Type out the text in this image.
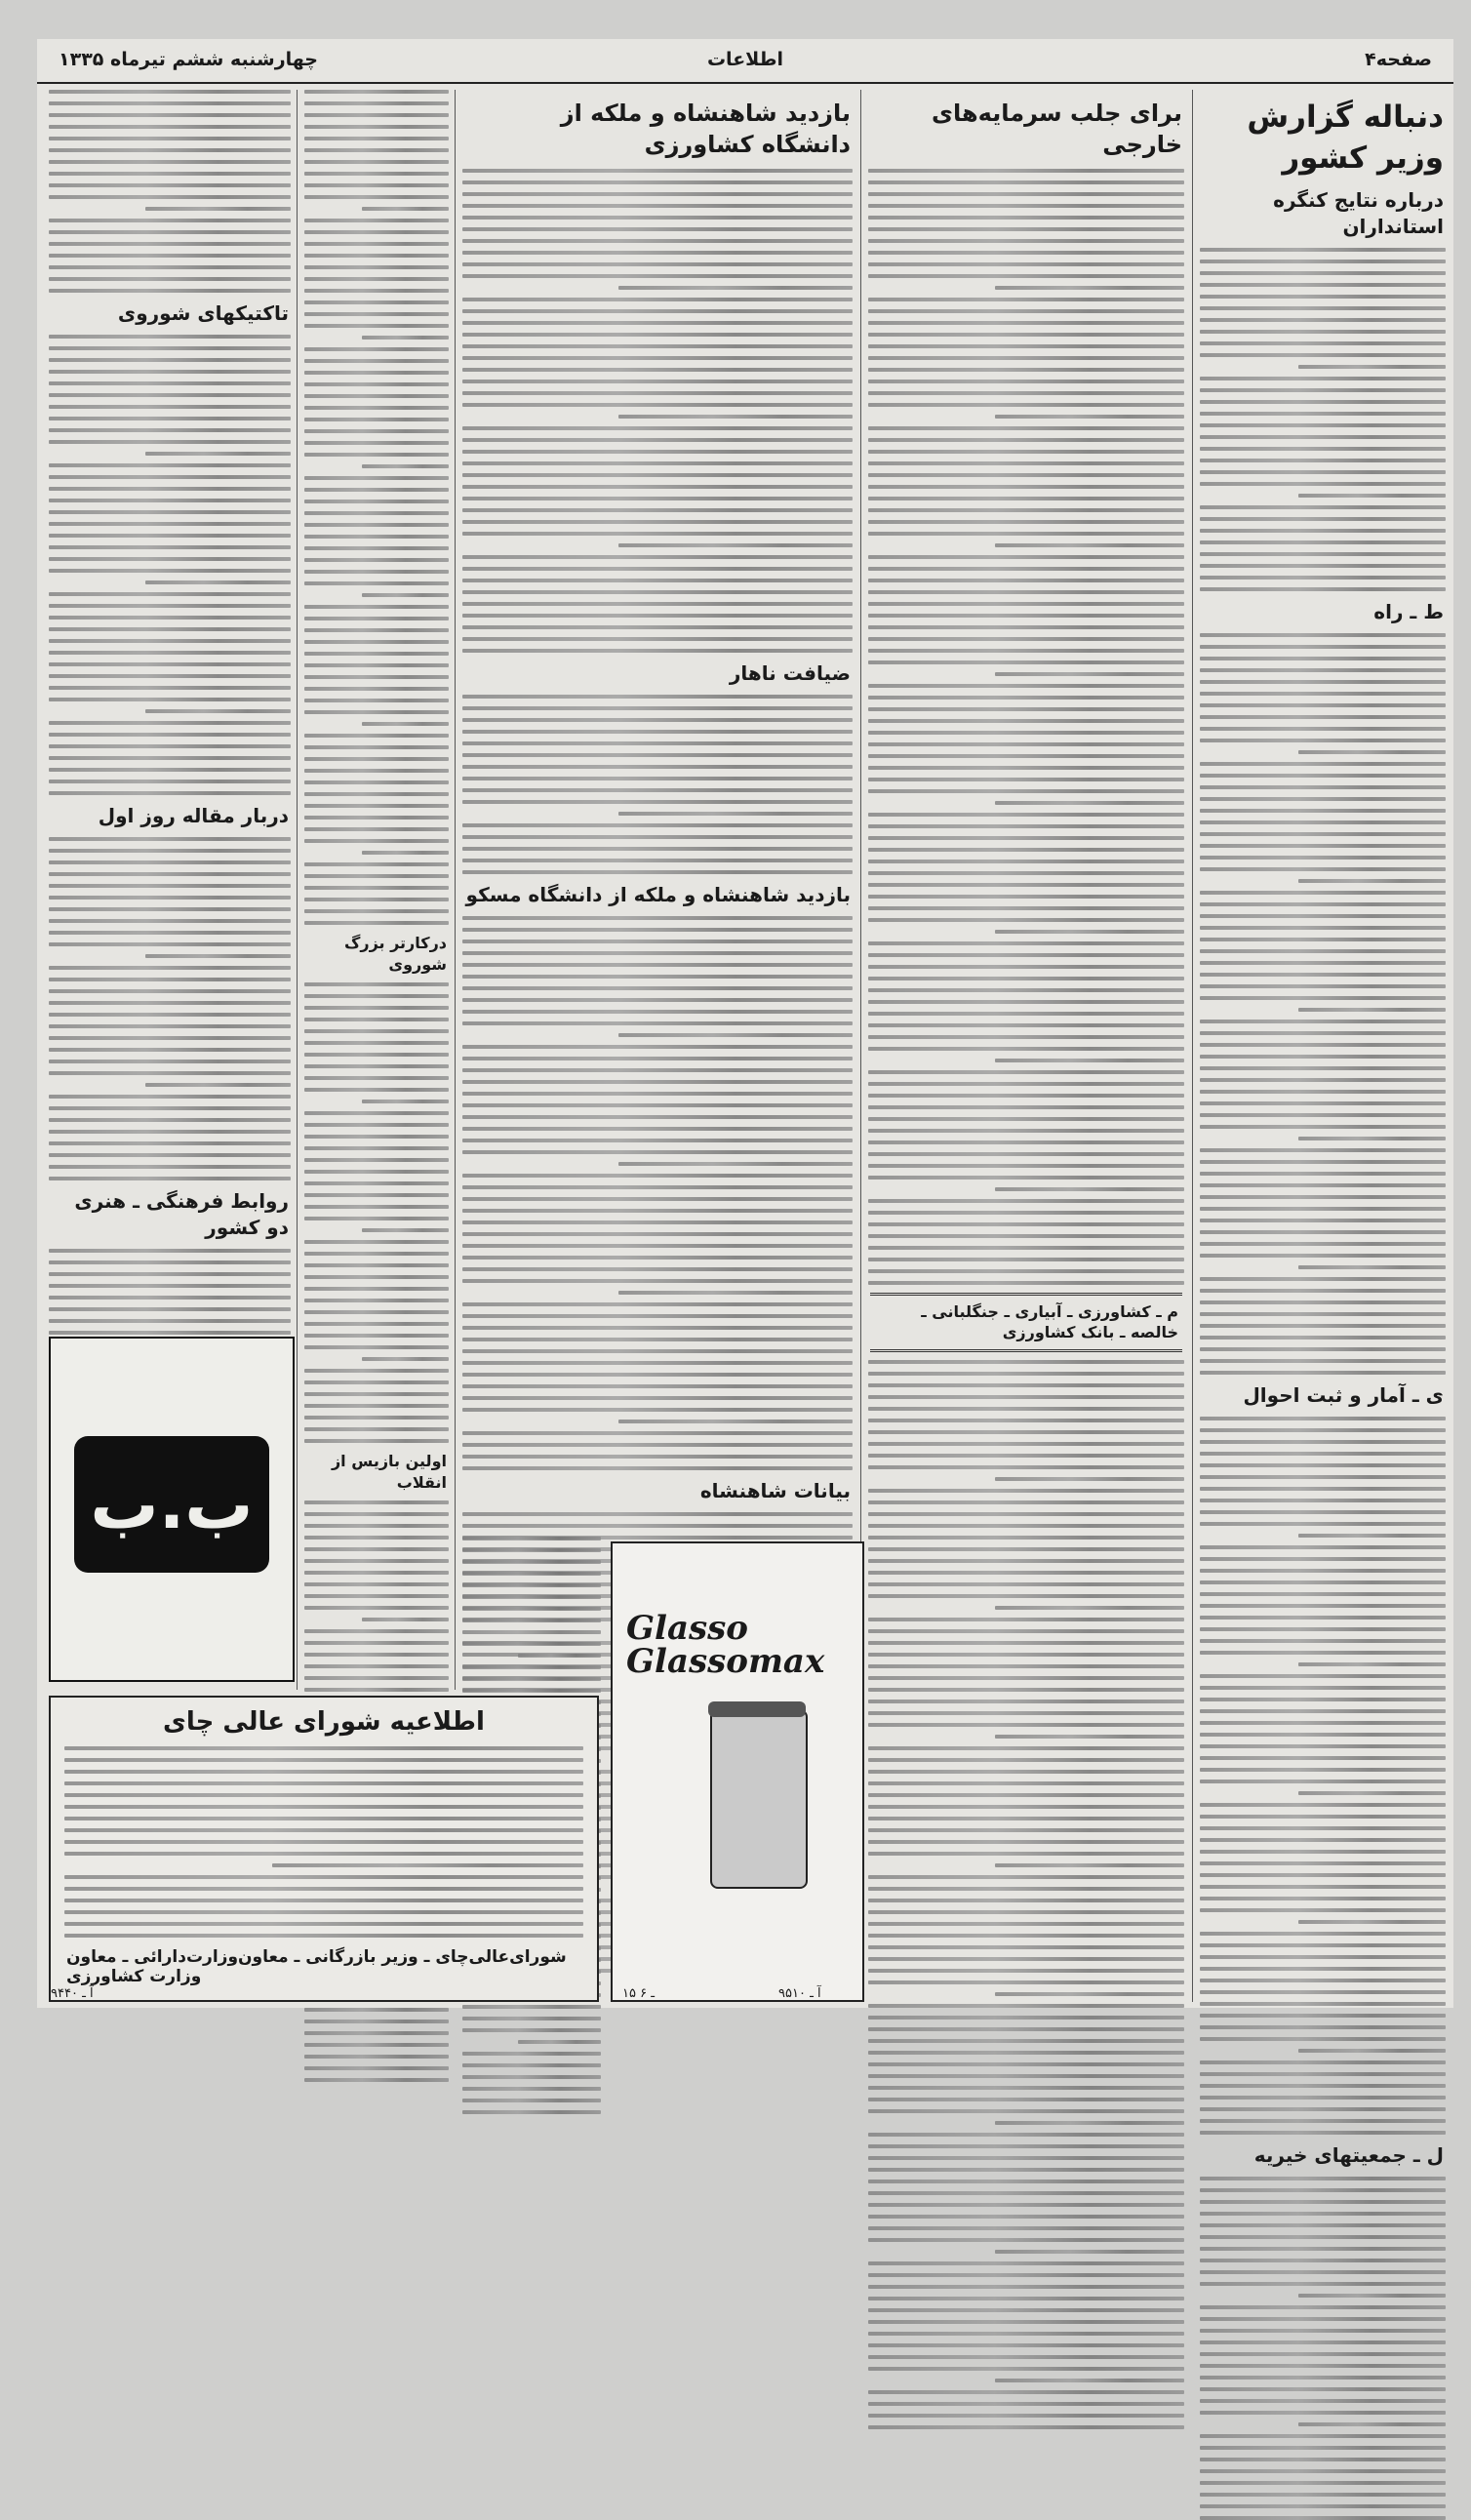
صفحه۴
اطلاعات
چهارشنبه ششم تیرماه ۱۳۳۵
دنباله گزارش وزیر کشور
درباره نتایج کنگره استانداران
ط ـ راه
ی ـ آمار و ثبت احوال
ل ـ جمعیتهای خیریه
برای جلب سرمایه‌های خارجی
م ـ کشاورزی ـ آبیاری ـ جنگلبانی ـ خالصه ـ بانک کشاورزی
بازدید شاهنشاه و ملکه از دانشگاه کشاورزی
ضیافت ناهار
بازدید شاهنشاه و ملکه از دانشگاه مسکو
بیانات شاهنشاه
درکارتر بزرگ شوروی
اولین بازیس از انقلاب
تاکتیکهای شوروی
دربار مقاله روز اول
روابط فرهنگی ـ هنری دو کشور
ب.ب
Glasso Glassomax
اطلاعیه شورای عالی چای
شورای‌عالی‌چای ـ‌ وزیر بازرگانی ـ معاون‌وزارت‌دارائی ـ معاون وزارت کشاورزی
آ ـ ۹۴۴۰	آ ـ ۹۵۱۰
۱۵ ـ ۶
